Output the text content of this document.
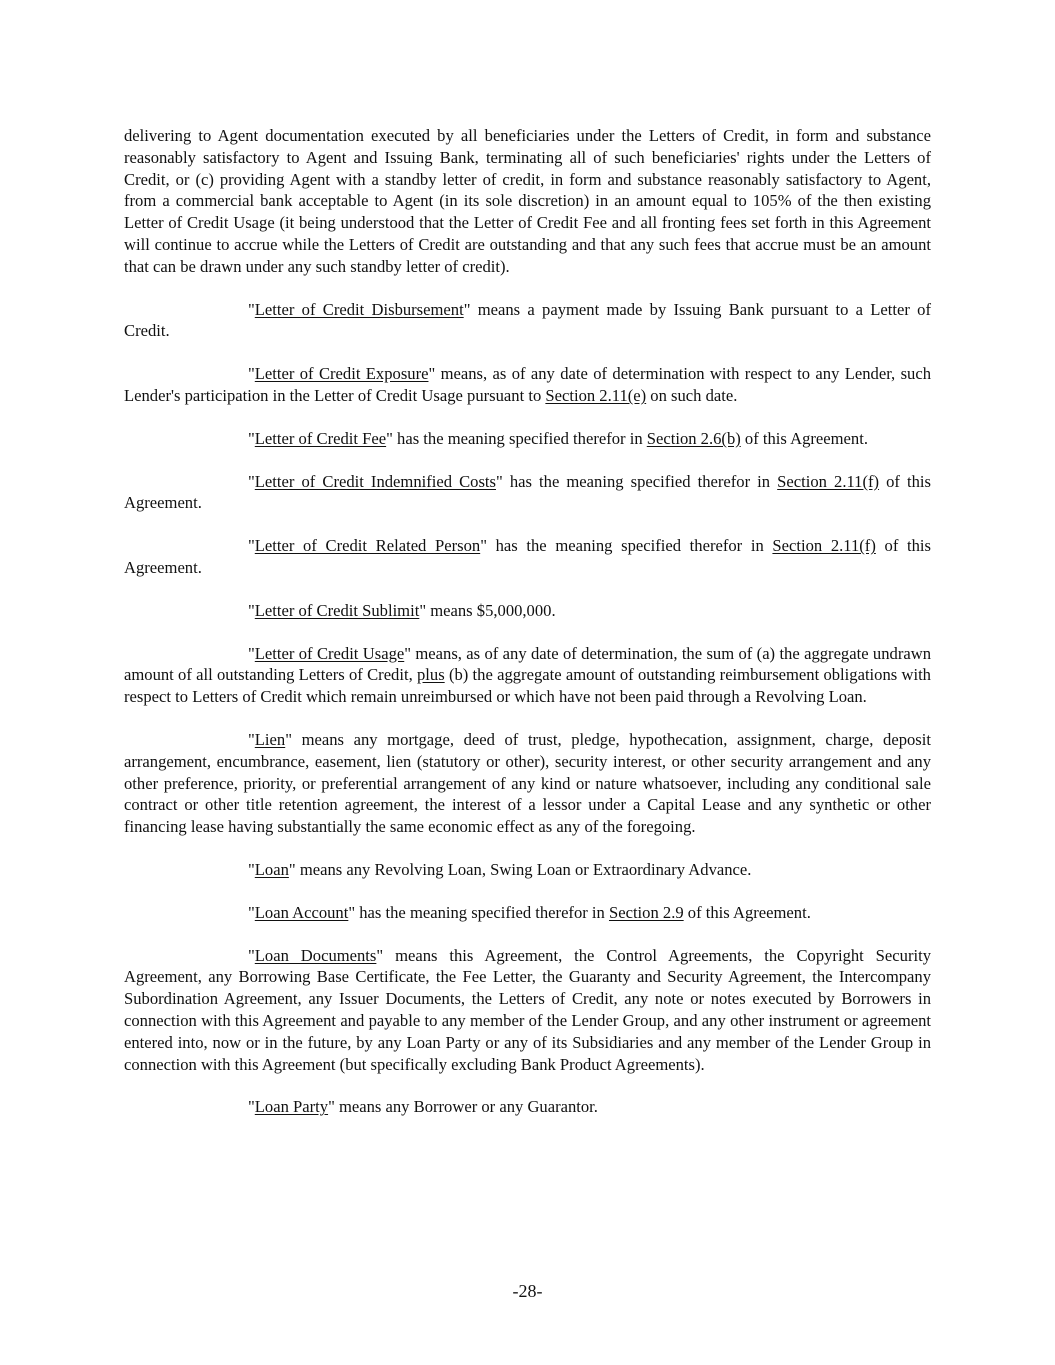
delivering to Agent documentation executed by all beneficiaries under the Letters of Credit, in form and substance reasonably satisfactory to Agent and Issuing Bank, terminating all of such beneficiaries' rights under the Letters of Credit, or (c) providing Agent with a standby letter of credit, in form and substance reasonably satisfactory to Agent, from a commercial bank acceptable to Agent (in its sole discretion) in an amount equal to 105% of the then existing Letter of Credit Usage (it being understood that the Letter of Credit Fee and all fronting fees set forth in this Agreement will continue to accrue while the Letters of Credit are outstanding and that any such fees that accrue must be an amount that can be drawn under any such standby letter of credit).

"Letter of Credit Disbursement" means a payment made by Issuing Bank pursuant to a Letter of Credit.

"Letter of Credit Exposure" means, as of any date of determination with respect to any Lender, such Lender's participation in the Letter of Credit Usage pursuant to Section 2.11(e) on such date.

"Letter of Credit Fee" has the meaning specified therefor in Section 2.6(b) of this Agreement.

"Letter of Credit Indemnified Costs" has the meaning specified therefor in Section 2.11(f) of this Agreement.

"Letter of Credit Related Person" has the meaning specified therefor in Section 2.11(f) of this Agreement.

"Letter of Credit Sublimit" means $5,000,000.

"Letter of Credit Usage" means, as of any date of determination, the sum of (a) the aggregate undrawn amount of all outstanding Letters of Credit, plus (b) the aggregate amount of outstanding reimbursement obligations with respect to Letters of Credit which remain unreimbursed or which have not been paid through a Revolving Loan.

"Lien" means any mortgage, deed of trust, pledge, hypothecation, assignment, charge, deposit arrangement, encumbrance, easement, lien (statutory or other), security interest, or other security arrangement and any other preference, priority, or preferential arrangement of any kind or nature whatsoever, including any conditional sale contract or other title retention agreement, the interest of a lessor under a Capital Lease and any synthetic or other financing lease having substantially the same economic effect as any of the foregoing.

"Loan" means any Revolving Loan, Swing Loan or Extraordinary Advance.

"Loan Account" has the meaning specified therefor in Section 2.9 of this Agreement.

"Loan Documents" means this Agreement, the Control Agreements, the Copyright Security Agreement, any Borrowing Base Certificate, the Fee Letter, the Guaranty and Security Agreement, the Intercompany Subordination Agreement, any Issuer Documents, the Letters of Credit, any note or notes executed by Borrowers in connection with this Agreement and payable to any member of the Lender Group, and any other instrument or agreement entered into, now or in the future, by any Loan Party or any of its Subsidiaries and any member of the Lender Group in connection with this Agreement (but specifically excluding Bank Product Agreements).

"Loan Party" means any Borrower or any Guarantor.

-28-
